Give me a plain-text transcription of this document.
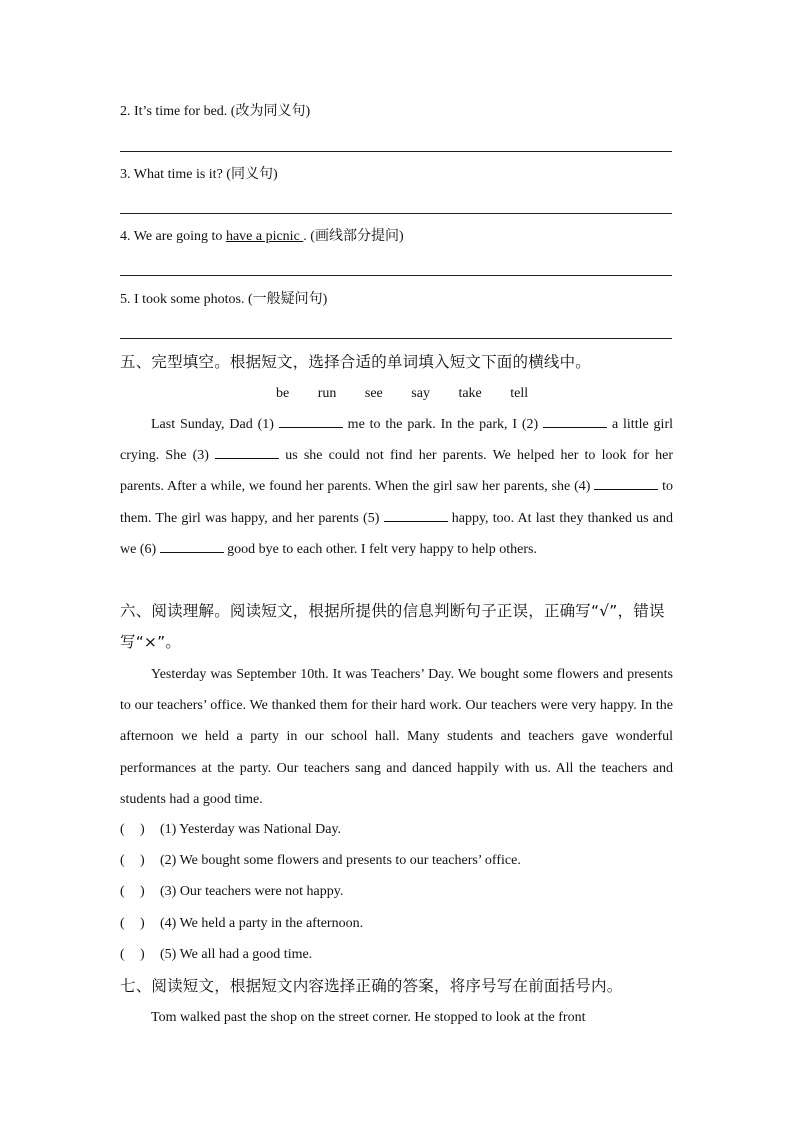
2. It’s time for bed. (改为同义句)
3. What time is it? (同义句)
4. We are going to have a picnic . (画线部分提问)
5. I took some photos. (一般疑问句)
五、完型填空。根据短文，选择合适的单词填入短文下面的横线中。
be run see say take tell

Last Sunday, Dad (1)	me to the park. In the park, I (2)	a little girl crying. She (3)	us she could not find her parents. We helped her to look for her parents. After a while, we found her parents. When the girl saw her parents, she (4)	to them. The girl was happy, and her parents (5)	happy, too. At last they thanked us and we (6)	good bye to each other. I felt very happy to help others.

六、阅读理解。阅读短文，根据所提供的信息判断句子正误，正确写“√”，错误
写“×”。

Yesterday was September 10th. It was Teachers’ Day. We bought some flowers and presents to our teachers’ office. We thanked them for their hard work. Our teachers were very happy. In the afternoon we held a party in our school hall. Many students and teachers gave wonderful performances at the party. Our teachers sang and danced happily with us. All the teachers and students had a good time.

( ) (1) Yesterday was National Day.
( ) (2) We bought some flowers and presents to our teachers’ office.
( ) (3) Our teachers were not happy.
( ) (4) We held a party in the afternoon.
( ) (5) We all had a good time.
七、阅读短文，根据短文内容选择正确的答案，将序号写在前面括号内。

Tom walked past the shop on the street corner. He stopped to look at the front
